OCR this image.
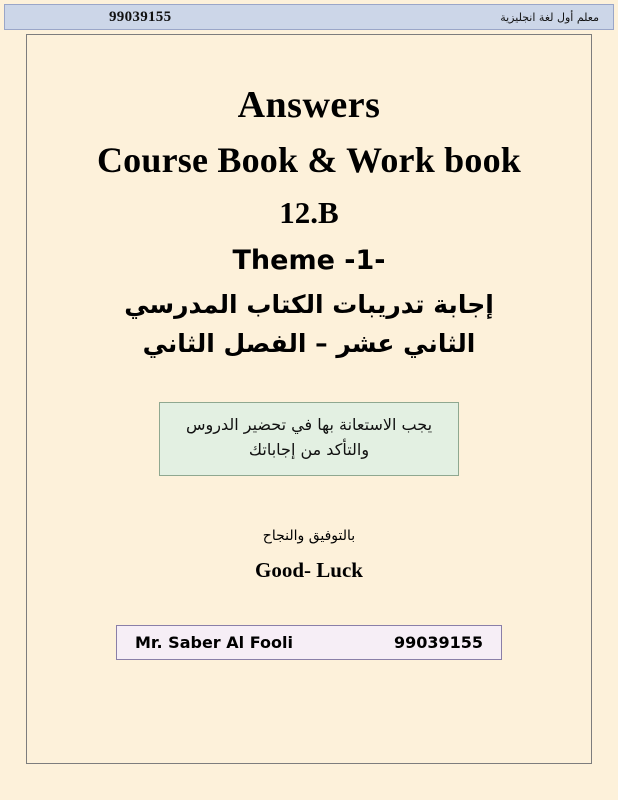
99039155	معلم أول لغة انجليزية
Answers
Course Book & Work book
12.B
Theme -1-
إجابة تدريبات الكتاب المدرسي
الثاني عشر – الفصل الثاني
يجب الاستعانة بها في تحضير الدروس والتأكد من إجاباتك
بالتوفيق والنجاح
Good- Luck
Mr. Saber Al Fooli	99039155
